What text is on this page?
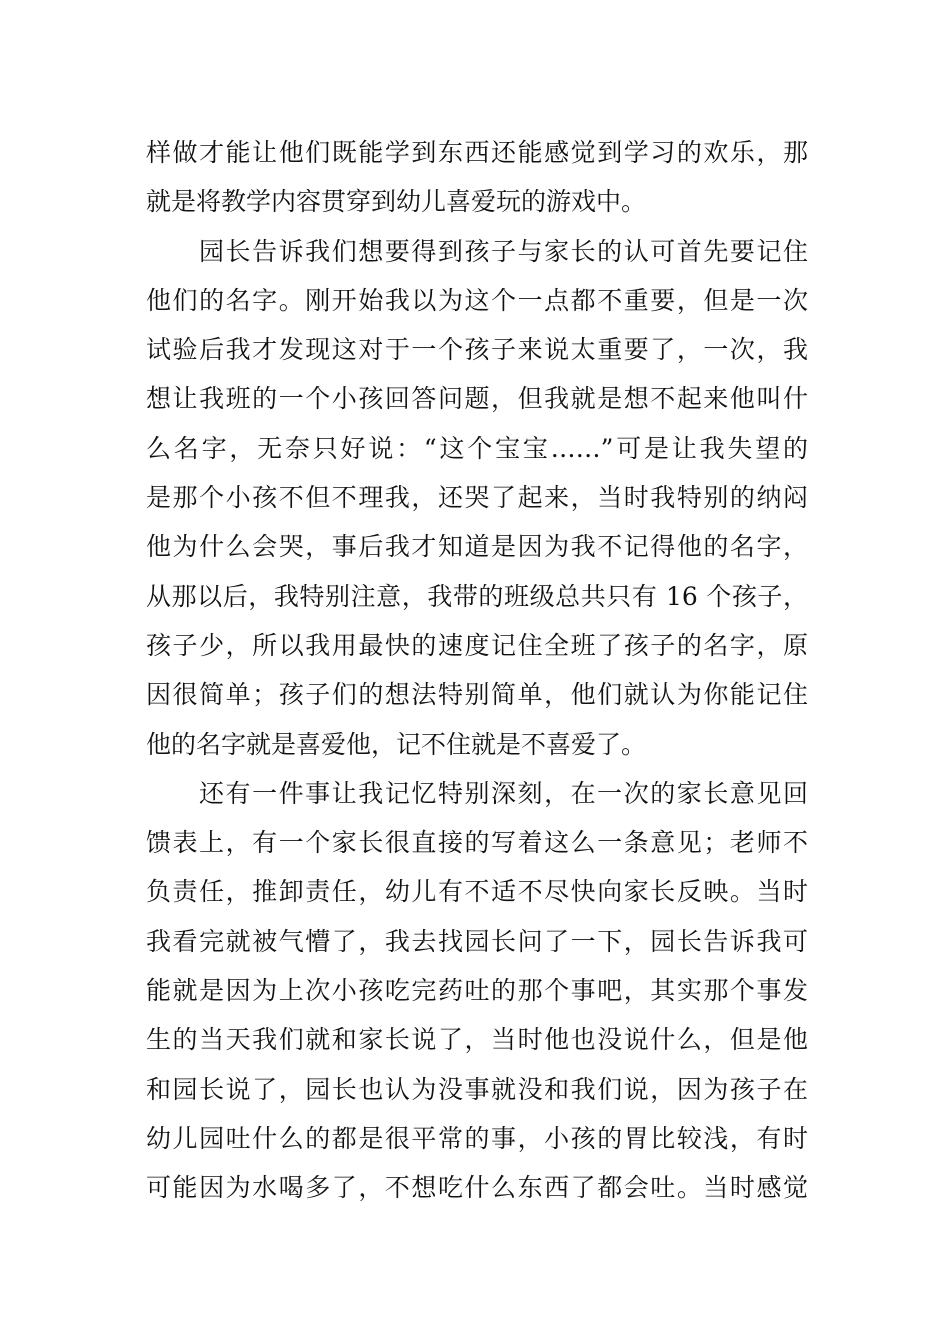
样做才能让他们既能学到东西还能感觉到学习的欢乐，那
就是将教学内容贯穿到幼儿喜爱玩的游戏中。
园长告诉我们想要得到孩子与家长的认可首先要记住
他们的名字。刚开始我以为这个一点都不重要，但是一次
试验后我才发现这对于一个孩子来说太重要了，一次，我
想让我班的一个小孩回答问题，但我就是想不起来他叫什
么名字，无奈只好说：“这个宝宝……”可是让我失望的
是那个小孩不但不理我，还哭了起来，当时我特别的纳闷
他为什么会哭，事后我才知道是因为我不记得他的名字，
从那以后，我特别注意，我带的班级总共只有 16 个孩子，
孩子少，所以我用最快的速度记住全班了孩子的名字，原
因很简单；孩子们的想法特别简单，他们就认为你能记住
他的名字就是喜爱他，记不住就是不喜爱了。
还有一件事让我记忆特别深刻，在一次的家长意见回
馈表上，有一个家长很直接的写着这么一条意见；老师不
负责任，推卸责任，幼儿有不适不尽快向家长反映。当时
我看完就被气懵了，我去找园长问了一下，园长告诉我可
能就是因为上次小孩吃完药吐的那个事吧，其实那个事发
生的当天我们就和家长说了，当时他也没说什么，但是他
和园长说了，园长也认为没事就没和我们说，因为孩子在
幼儿园吐什么的都是很平常的事，小孩的胃比较浅，有时
可能因为水喝多了，不想吃什么东西了都会吐。当时感觉
